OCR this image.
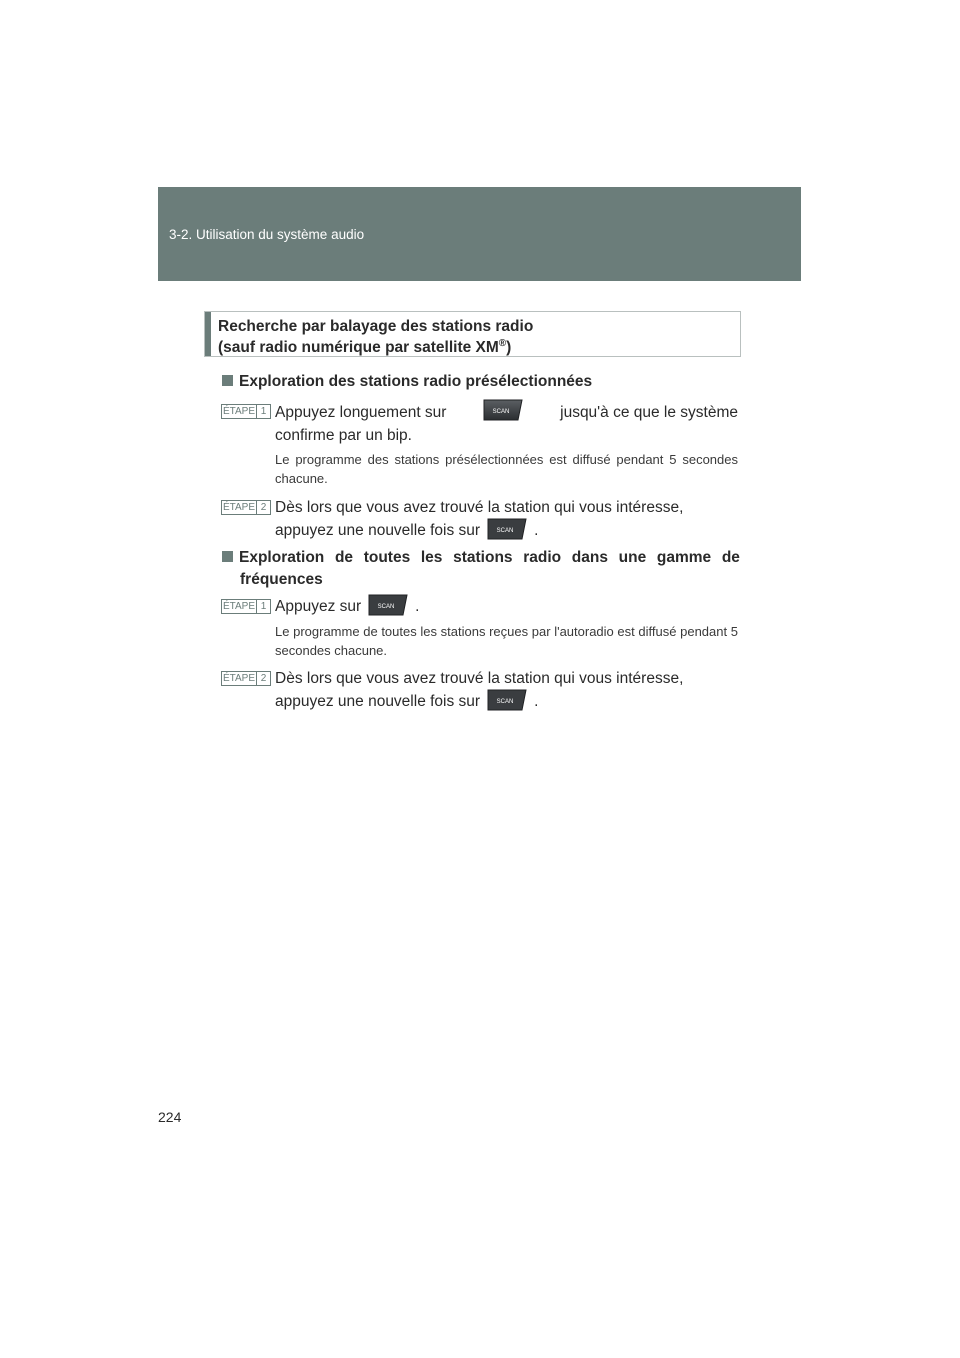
3-2. Utilisation du système audio
Recherche par balayage des stations radio
(sauf radio numérique par satellite XM®)
Exploration des stations radio présélectionnées
ÉTAPE 1 Appuyez longuement sur	SCAN	jusqu'à ce que le système
confirme par un bip.
Le programme des stations présélectionnées est diffusé pendant 5 secondes chacune.
ÉTAPE 2 Dès lors que vous avez trouvé la station qui vous intéresse,
appuyez une nouvelle fois sur	SCAN .
Exploration de toutes les stations radio dans une gamme de
fréquences
ÉTAPE 1 Appuyez sur	SCAN .
Le programme de toutes les stations reçues par l'autoradio est diffusé pendant 5 secondes chacune.
ÉTAPE 2 Dès lors que vous avez trouvé la station qui vous intéresse,
appuyez une nouvelle fois sur	SCAN .
224
